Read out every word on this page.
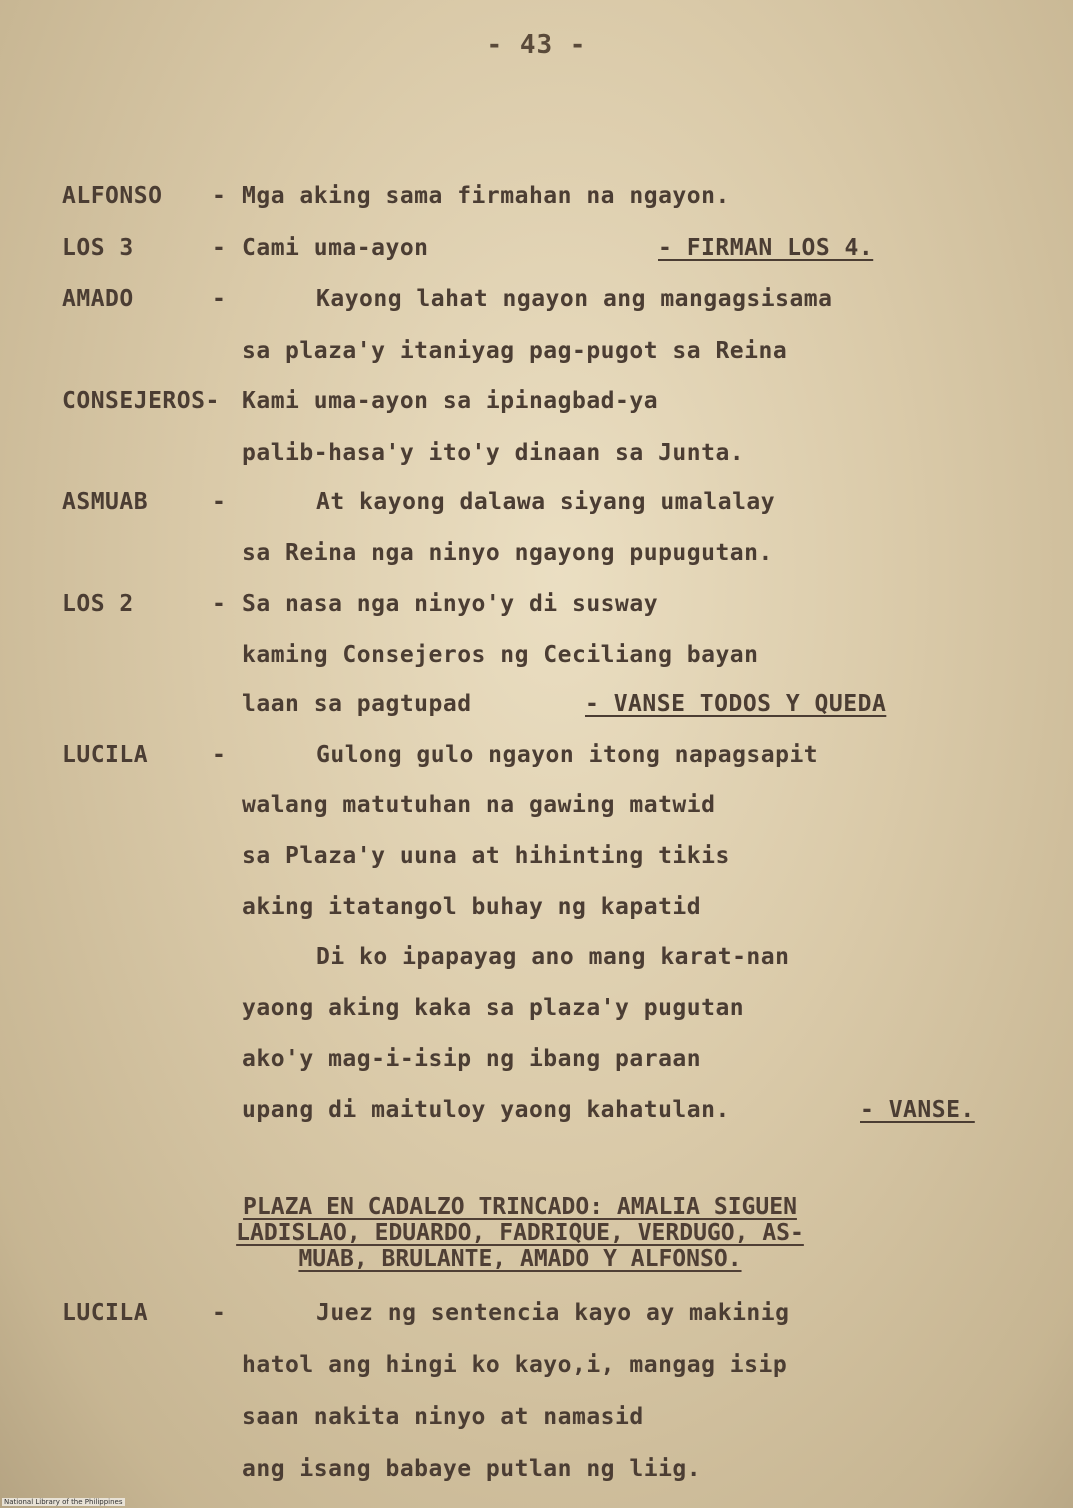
- 43 -
ALFONSO - Mga aking sama firmahan na ngayon.
LOS 3	- Cami uma-ayon	- FIRMAN LOS 4.
AMADO	-	Kayong lahat ngayon ang mangagsisama
sa plaza'y itaniyag pag-pugot sa Reina
CONSEJEROS- Kami uma-ayon sa ipinagbad-ya
palib-hasa'y ito'y dinaan sa Junta.
ASMUAB	-	At kayong dalawa siyang umalalay
sa Reina nga ninyo ngayong pupugutan.
LOS 2	- Sa nasa nga ninyo'y di susway
kaming Consejeros ng Ceciliang bayan
laan sa pagtupad	- VANSE TODOS Y QUEDA
LUCILA	-	Gulong gulo ngayon itong napagsapit
walang matutuhan na gawing matwid
sa Plaza'y uuna at hihinting tikis
aking itatangol buhay ng kapatid
Di ko ipapayag ano mang karat-nan
yaong aking kaka sa plaza'y pugutan
ako'y mag-i-isip ng ibang paraan
upang di maituloy yaong kahatulan.	- VANSE.
PLAZA EN CADALZO TRINCADO: AMALIA SIGUEN
LADISLAO, EDUARDO, FADRIQUE, VERDUGO, AS-
MUAB, BRULANTE, AMADO Y ALFONSO.
LUCILA	-	Juez ng sentencia kayo ay makinig
hatol ang hingi ko kayo,i, mangag isip
saan nakita ninyo at namasid
ang isang babaye putlan ng liig.
National Library of the Philippines
